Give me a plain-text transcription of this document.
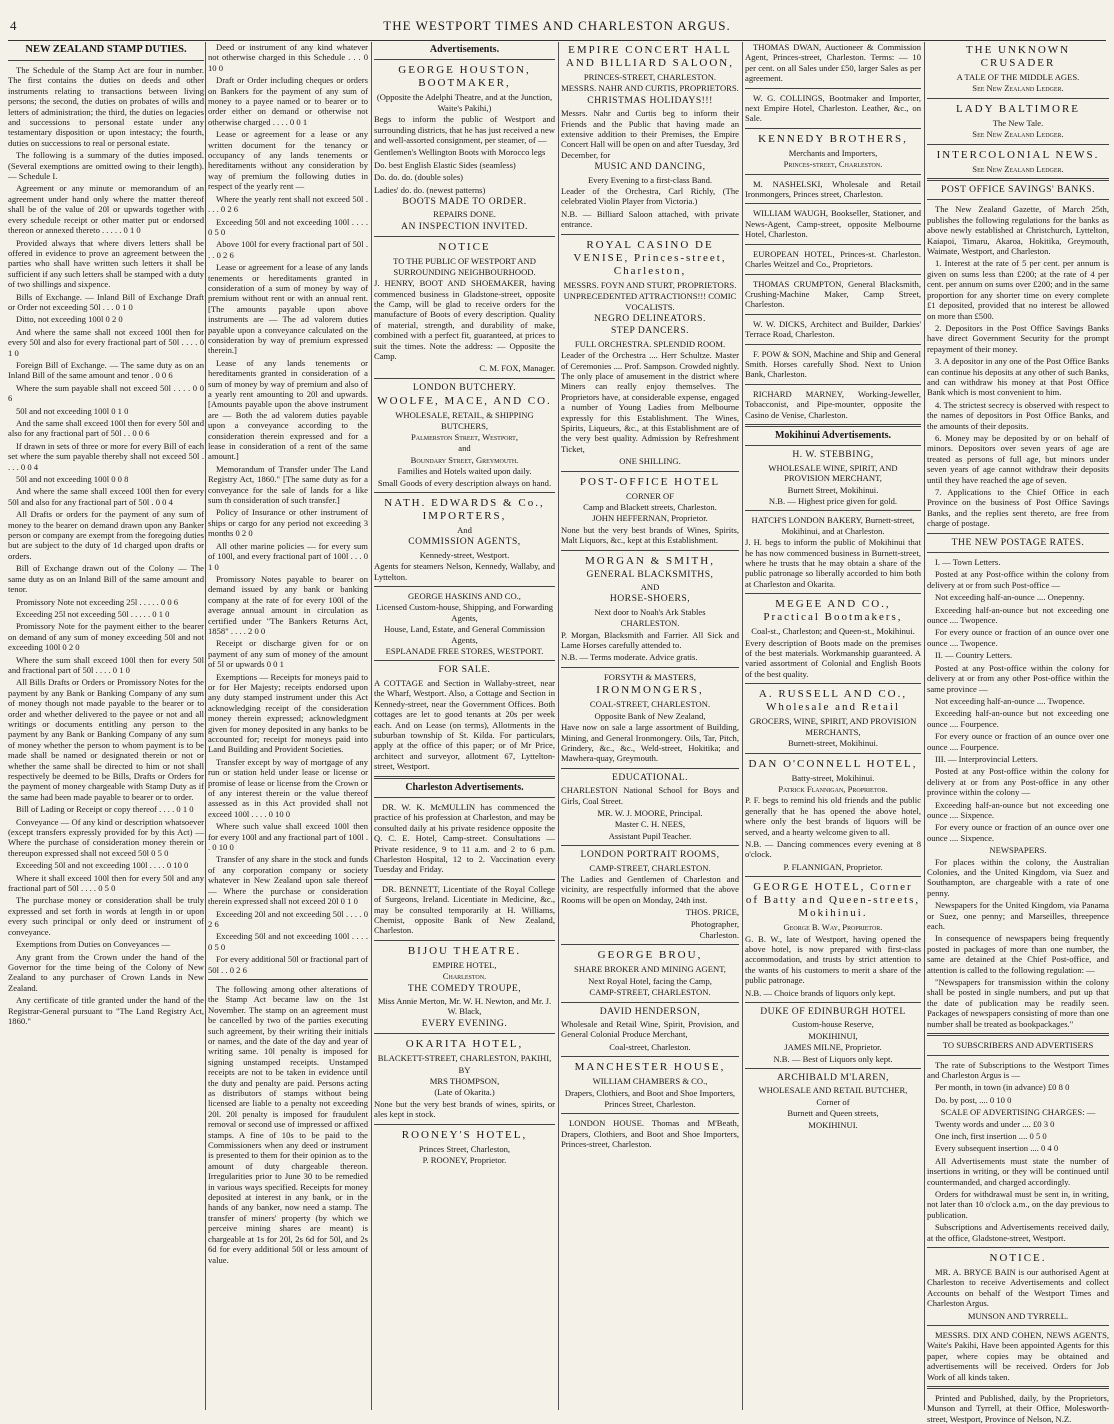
4	THE WESTPORT TIMES AND CHARLESTON ARGUS.
NEW ZEALAND STAMP DUTIES.

The Schedule of the Stamp Act are four in number. The first contains the duties on deeds and other instruments relating to transactions between living persons; the second, the duties on probates of wills and letters of administration; the third, the duties on legacies and successions to personal estate under any testamentary disposition or upon intestacy; the fourth, duties on successions to real or personal estate.

The following is a summary of the duties imposed. (Several exemptions are omitted owing to their length). — Schedule I.

Agreement or any minute or memorandum of an agreement under hand only where the matter thereof shall be of the value of 20l or upwards together with every schedule receipt or other matter put or endorsed thereon or annexed thereto . . . . . 0 1 0

Provided always that where divers letters shall be offered in evidence to prove an agreement between the parties who shall have written such letters it shall be sufficient if any such letters shall be stamped with a duty of two shillings and sixpence.

Bills of Exchange. — Inland Bill of Exchange Draft or Order not exceeding 50l . . . 0 1 0

Ditto, not exceeding 100l 0 2 0

And where the same shall not exceed 100l then for every 50l and also for every fractional part of 50l . . . . 0 1 0

Foreign Bill of Exchange. — The same duty as on an Inland Bill of the same amount and tenor . 0 0 6

Where the sum payable shall not exceed 50l . . . . 0 0 6

50l and not exceeding 100l 0 1 0

And the same shall exceed 100l then for every 50l and also for any fractional part of 50l . . 0 0 6

If drawn in sets of three or more for every Bill of each set where the sum payable thereby shall not exceed 50l . . . . 0 0 4

50l and not exceeding 100l 0 0 8

And where the same shall exceed 100l then for every 50l and also for any fractional part of 50l . 0 0 4

All Drafts or orders for the payment of any sum of money to the bearer on demand drawn upon any Banker person or company are exempt from the foregoing duties but are subject to the duty of 1d charged upon drafts or orders.

Bill of Exchange drawn out of the Colony — The same duty as on an Inland Bill of the same amount and tenor.

Promissory Note not exceeding 25l . . . . . 0 0 6

Exceeding 25l not exceeding 50l . . . . . 0 1 0

Promissory Note for the payment either to the bearer on demand of any sum of money exceeding 50l and not exceeding 100l 0 2 0

Where the sum shall exceed 100l then for every 50l and fractional part of 50l . . . . 0 1 0

All Bills Drafts or Orders or Promissory Notes for the payment by any Bank or Banking Company of any sum of money though not made payable to the bearer or to order and whether delivered to the payee or not and all writings or documents entitling any person to the payment by any Bank or Banking Company of any sum of money whether the person to whom payment is to be made shall be named or designated therein or not or whether the same shall be directed to him or not shall respectively be deemed to be Bills, Drafts or Orders for the payment of money chargeable with Stamp Duty as if the same had been made payable to bearer or to order.

Bill of Lading or Receipt or copy thereof . . . . 0 1 0

Conveyance — Of any kind or description whatsoever (except transfers expressly provided for by this Act) — Where the purchase of consideration money therein or thereupon expressed shall not exceed 50l 0 5 0

Exceeding 50l and not exceeding 100l . . . . 0 10 0

Where it shall exceed 100l then for every 50l and any fractional part of 50l . . . . 0 5 0

The purchase money or consideration shall be truly expressed and set forth in words at length in or upon every such principal or only deed or instrument of conveyance.

Exemptions from Duties on Conveyances —

Any grant from the Crown under the hand of the Governor for the time being of the Colony of New Zealand to any purchaser of Crown Lands in New Zealand.

Any certificate of title granted under the hand of the Registrar-General pursuant to "The Land Registry Act, 1860."

Deed or instrument of any kind whatever not otherwise charged in this Schedule . . . 0 10 0

Draft or Order including cheques or orders on Bankers for the payment of any sum of money to a payee named or to bearer or to order either on demand or otherwise not otherwise charged . . . . 0 0 1

Lease or agreement for a lease or any written document for the tenancy or occupancy of any lands tenements or hereditaments without any consideration by way of premium the following duties in respect of the yearly rent —

Where the yearly rent shall not exceed 50l . . . . 0 2 6

Exceeding 50l and not exceeding 100l . . . . 0 5 0

Above 100l for every fractional part of 50l . . . 0 2 6

Lease or agreement for a lease of any lands tenements or hereditaments granted in consideration of a sum of money by way of premium without rent or with an annual rent. [The amounts payable upon above instruments are — The ad valorem duties payable upon a conveyance calculated on the consideration by way of premium expressed therein.]

Lease of any lands tenements or hereditaments granted in consideration of a sum of money by way of premium and also of a yearly rent amounting to 20l and upwards. [Amounts payable upon the above instrument are — Both the ad valorem duties payable upon a conveyance according to the consideration therein expressed and for a lease in consideration of a rent of the same amount.]

Memorandum of Transfer under The Land Registry Act, 1860." [The same duty as for a conveyance for the sale of lands for a like sum th consideration of such transfer.]

Policy of Insurance or other instrument of ships or cargo for any period not exceeding 3 months 0 2 0

All other marine policies — for every sum of 100l, and every fractional part of 100l . . . 0 1 0

Promissory Notes payable to bearer on demand issued by any bank or banking company at the rate of for every 100l of the average annual amount in circulation as certified under "The Bankers Returns Act, 1858" . . . . 2 0 0

Receipt or discharge given for or on payment of any sum of money of the amount of 5l or upwards 0 0 1

Exemptions — Receipts for moneys paid to or for Her Majesty; receipts endorsed upon any duty stamped instrument under this Act acknowledging receipt of the consideration money therein expressed; acknowledgment given for money deposited in any banks to be accounted for; receipt for moneys paid into Land Building and Provident Societies.

Transfer except by way of mortgage of any run or station held under lease or license or promise of lease or license from the Crown or of any interest therein or the value thereof assessed as in this Act provided shall not exceed 100l . . . . 0 10 0

Where such value shall exceed 100l then for every 100l and any fractional part of 100l . . 0 10 0

Transfer of any share in the stock and funds of any corporation company or society whatever in New Zealand upon sale thereof — Where the purchase or consideration therein expressed shall not exceed 20l 0 1 0

Exceeding 20l and not exceeding 50l . . . . 0 2 6

Exceeding 50l and not exceeding 100l . . . . 0 5 0

For every additional 50l or fractional part of 50l . . 0 2 6

The following among other alterations of the Stamp Act became law on the 1st November. The stamp on an agreement must be cancelled by two of the parties executing such agreement, by their writing their initials or names, and the date of the day and year of writing same. 10l penalty is imposed for signing unstamped receipts. Unstamped receipts are not to be taken in evidence until the duty and penalty are paid. Persons acting as distributors of stamps without being licensed are liable to a penalty not exceeding 20l. 20l penalty is imposed for fraudulent removal or second use of impressed or affixed stamps. A fine of 10s to be paid to the Commissioners when any deed or instrument is presented to them for their opinion as to the amount of duty chargeable thereon. Irregularities prior to June 30 to be remedied in various ways specified. Receipts for money deposited at interest in any bank, or in the hands of any banker, now need a stamp. The transfer of miners' property (by which we perceive mining shares are meant) is chargeable at 1s for 20l, 2s 6d for 50l, and 2s 6d for every additional 50l or less amount of value.

Advertisements.
GEORGE HOUSTON, BOOTMAKER,
(Opposite the Adelphi Theatre, and at the Junction, Waite's Pakihi,)

Begs to inform the public of Westport and surrounding districts, that he has just received a new and well-assorted consignment, per steamer, of —

Gentlemen's Wellington Boots with Morocco legs

Do. best English Elastic Sides (seamless)

Do. do. do. (double soles)

Ladies' do. do. (newest patterns)

BOOTS MADE TO ORDER.
REPAIRS DONE.
AN INSPECTION INVITED.
NOTICE
TO THE PUBLIC OF WESTPORT AND SURROUNDING NEIGHBOURHOOD.

J. HENRY, BOOT AND SHOEMAKER, having commenced business in Gladstone-street, opposite the Camp, will be glad to receive orders for the manufacture of Boots of every description. Quality of material, strength, and durability of make, combined with a perfect fit, guaranteed, at prices to suit the times. Note the address: — Opposite the Camp.

C. M. FOX, Manager.
LONDON BUTCHERY.
WOOLFE, MACE, AND CO.
WHOLESALE, RETAIL, & SHIPPING BUTCHERS,
Palmerston Street, Westport,
and
Boundary Street, Greymouth.
Families and Hotels waited upon daily.
Small Goods of every description always on hand.
NATH. EDWARDS & Co., IMPORTERS,
And
COMMISSION AGENTS,
Kennedy-street, Westport.

Agents for steamers Nelson, Kennedy, Wallaby, and Lyttelton.

GEORGE HASKINS AND CO.,
Licensed Custom-house, Shipping, and Forwarding Agents,
House, Land, Estate, and General Commission Agents,
ESPLANADE FREE STORES, WESTPORT.
FOR SALE.

A COTTAGE and Section in Wallaby-street, near the Wharf, Westport. Also, a Cottage and Section in Kennedy-street, near the Government Offices. Both cottages are let to good tenants at 20s per week each. And on Lease (on terms), Allotments in the suburban township of St. Kilda. For particulars, apply at the office of this paper; or of Mr Price, architect and surveyor, allotment 67, Lyttelton-street, Westport.

Charleston Advertisements.

DR. W. K. McMULLIN has commenced the practice of his profession at Charleston, and may be consulted daily at his private residence opposite the Q. C. E. Hotel, Camp-street. Consultations — Private residence, 9 to 11 a.m. and 2 to 6 p.m. Charleston Hospital, 12 to 2. Vaccination every Tuesday and Friday.

DR. BENNETT, Licentiate of the Royal College of Surgeons, Ireland. Licentiate in Medicine, &c., may be consulted temporarily at H. Williams, Chemist, opposite Bank of New Zealand, Charleston.

BIJOU THEATRE.
EMPIRE HOTEL,
Charleston.
THE COMEDY TROUPE,
Miss Annie Merton, Mr. W. H. Newton, and Mr. J. W. Black,
EVERY EVENING.
OKARITA HOTEL,
BLACKETT-STREET, CHARLESTON, PAKIHI,
BY
MRS THOMPSON,
(Late of Okarita.)

None but the very best brands of wines, spirits, or ales kept in stock.

ROONEY'S HOTEL,
Princes Street, Charleston,
P. ROONEY, Proprietor.
EMPIRE CONCERT HALL AND BILLIARD SALOON,
PRINCES-STREET, CHARLESTON.
MESSRS. NAHR AND CURTIS, PROPRIETORS.
CHRISTMAS HOLIDAYS!!!

Messrs. Nahr and Curtis beg to inform their Friends and the Public that having made an extensive addition to their Premises, the Empire Concert Hall will be open on and after Tuesday, 3rd December, for

MUSIC AND DANCING,
Every Evening to a first-class Band.

Leader of the Orchestra, Carl Richly, (The celebrated Violin Player from Victoria.)

N.B. — Billiard Saloon attached, with private entrance.

ROYAL CASINO DE VENISE, Princes-street, Charleston,
MESSRS. FOYN AND STURT, PROPRIETORS.
UNPRECEDENTED ATTRACTIONS!!! COMIC VOCALISTS.
NEGRO DELINEATORS.
STEP DANCERS.
FULL ORCHESTRA. SPLENDID ROOM.

Leader of the Orchestra .... Herr Schultze. Master of Ceremonies .... Prof. Sampson. Crowded nightly. The only place of amusement in the district where Miners can really enjoy themselves. The Proprietors have, at considerable expense, engaged a number of Young Ladies from Melbourne expressly for this Establishment. The Wines, Spirits, Liqueurs, &c., at this Establishment are of the very best quality. Admission by Refreshment Ticket,

ONE SHILLING.
POST-OFFICE HOTEL
CORNER OF
Camp and Blackett streets, Charleston.
JOHN HEFFERNAN, Proprietor.

None but the very best brands of Wines, Spirits, Malt Liquors, &c., kept at this Establishment.

MORGAN & SMITH,
GENERAL BLACKSMITHS,
AND
HORSE-SHOERS,
Next door to Noah's Ark Stables
CHARLESTON.

P. Morgan, Blacksmith and Farrier. All Sick and Lame Horses carefully attended to.

N.B. — Terms moderate. Advice gratis.

FORSYTH & MASTERS,
IRONMONGERS,
COAL-STREET, CHARLESTON.
Opposite Bank of New Zealand,

Have now on sale a large assortment of Building, Mining, and General Ironmongery. Oils, Tar, Pitch, Grindery, &c., &c., Weld-street, Hokitika; and Mawhera-quay, Greymouth.

EDUCATIONAL.

CHARLESTON National School for Boys and Girls, Coal Street.

MR. W. J. MOORE, Principal.
Master C. H. NEES,
Assistant Pupil Teacher.
LONDON PORTRAIT ROOMS,
CAMP-STREET, CHARLESTON.

The Ladies and Gentlemen of Charleston and vicinity, are respectfully informed that the above Rooms will be open on Monday, 24th inst.

THOS. PRICE,
Photographer,
Charleston.
GEORGE BROU,
SHARE BROKER AND MINING AGENT,
Next Royal Hotel, facing the Camp,
CAMP-STREET, CHARLESTON.
DAVID HENDERSON,

Wholesale and Retail Wine, Spirit, Provision, and General Colonial Produce Merchant,

Coal-street, Charleston.
MANCHESTER HOUSE,
WILLIAM CHAMBERS & CO.,
Drapers, Clothiers, and Boot and Shoe Importers,
Princes Street, Charleston.

LONDON HOUSE. Thomas and M'Beath, Drapers, Clothiers, and Boot and Shoe Importers, Princes-street, Charleston.

THOMAS DWAN, Auctioneer & Commission Agent, Princes-street, Charleston. Terms: — 10 per cent. on all Sales under £50, larger Sales as per agreement.

W. G. COLLINGS, Bootmaker and Importer, next Empire Hotel, Charleston. Leather, &c., on Sale.

KENNEDY BROTHERS,
Merchants and Importers,
Princes-street, Charleston.

M. NASHELSKI, Wholesale and Retail Ironmongers, Princes street, Charleston.

WILLIAM WAUGH, Bookseller, Stationer, and News-Agent, Camp-street, opposite Melbourne Hotel, Charleston.

EUROPEAN HOTEL, Princes-st. Charleston. Charles Weitzel and Co., Proprietors.

THOMAS CRUMPTON, General Blacksmith, Crushing-Machine Maker, Camp Street, Charleston.

W. W. DICKS, Architect and Builder, Darkies' Terrace Road, Charleston.

F. POW & SON, Machine and Ship and General Smith. Horses carefully Shod. Next to Union Bank, Charleston.

RICHARD MARNEY, Working-Jeweller, Tobacconist, and Pipe-mounter, opposite the Casino de Venise, Charleston.

Mokihinui Advertisements.
H. W. STEBBING,
WHOLESALE WINE, SPIRIT, AND PROVISION MERCHANT,
Burnett Street, Mokihinui.
N.B. — Highest price given for gold.
HATCH'S LONDON BAKERY, Burnett-street, Mokihinui, and at Charleston.

J. H. begs to inform the public of Mokihinui that he has now commenced business in Burnett-street, where he trusts that he may obtain a share of the public patronage so liberally accorded to him both at Charleston and Okarita.

MEGEE AND CO., Practical Bootmakers,
Coal-st., Charleston; and Queen-st., Mokihinui.

Every description of Boots made on the premises of the best materials. Workmanship guaranteed. A varied assortment of Colonial and English Boots of the best quality.

A. RUSSELL AND CO., Wholesale and Retail
GROCERS, WINE, SPIRIT, AND PROVISION MERCHANTS,
Burnett-street, Mokihinui.
DAN O'CONNELL HOTEL,
Batty-street, Mokihinui.
Patrick Flannigan, Proprietor.

P. F. begs to remind his old friends and the public generally that he has opened the above hotel, where only the best brands of liquors will be served, and a hearty welcome given to all.

N.B. — Dancing commences every evening at 8 o'clock.

P. FLANNIGAN, Proprietor.
GEORGE HOTEL, Corner of Batty and Queen-streets, Mokihinui.
George B. Way, Proprietor.

G. B. W., late of Westport, having opened the above hotel, is now prepared with first-class accommodation, and trusts by strict attention to the wants of his customers to merit a share of the public patronage.

N.B. — Choice brands of liquors only kept.

DUKE OF EDINBURGH HOTEL
Custom-house Reserve,
MOKIHINUI,
JAMES MILNE, Proprietor.
N.B. — Best of Liquors only kept.
ARCHIBALD M'LAREN,
WHOLESALE AND RETAIL BUTCHER,
Corner of
Burnett and Queen streets,
MOKIHINUI.
THE UNKNOWN CRUSADER
A TALE OF THE MIDDLE AGES.
See New Zealand Ledger.
LADY BALTIMORE
The New Tale.
See New Zealand Ledger.
INTERCOLONIAL NEWS.
See New Zealand Ledger.
POST OFFICE SAVINGS' BANKS.

The New Zealand Gazette, of March 25th, publishes the following regulations for the banks as above newly established at Christchurch, Lyttelton, Kaiapoi, Timaru, Akaroa, Hokitika, Greymouth, Waimate, Westport, and Charleston.

1. Interest at the rate of 5 per cent. per annum is given on sums less than £200; at the rate of 4 per cent. per annum on sums over £200; and in the same proportion for any shorter time on every complete £1 deposited, provided that no interest be allowed on more than £500.

2. Depositors in the Post Office Savings Banks have direct Government Security for the prompt repayment of their money.

3. A depositor in any one of the Post Office Banks can continue his deposits at any other of such Banks, and can withdraw his money at that Post Office Bank which is most convenient to him.

4. The strictest secrecy is observed with respect to the names of depositors in Post Office Banks, and the amounts of their deposits.

6. Money may be deposited by or on behalf of minors. Depositors over seven years of age are treated as persons of full age, but minors under seven years of age cannot withdraw their deposits until they have reached the age of seven.

7. Applications to the Chief Office in each Province on the business of Post Office Savings Banks, and the replies sent thereto, are free from charge of postage.

THE NEW POSTAGE RATES.

I. — Town Letters.

Posted at any Post-office within the colony from delivery at or from such Post-office —

Not exceeding half-an-ounce .... Onepenny.

Exceeding half-an-ounce but not exceeding one ounce .... Twopence.

For every ounce or fraction of an ounce over one ounce .... Twopence.

II. — Country Letters.

Posted at any Post-office within the colony for delivery at or from any other Post-office within the same province —

Not exceeding half-an-ounce .... Twopence.

Exceeding half-an-ounce but not exceeding one ounce .... Fourpence.

For every ounce or fraction of an ounce over one ounce .... Fourpence.

III. — Interprovincial Letters.

Posted at any Post-office within the colony for delivery at or from any Post-office in any other province within the colony —

Exceeding half-an-ounce but not exceeding one ounce .... Sixpence.

For every ounce or fraction of an ounce over one ounce .... Sixpence.

NEWSPAPERS.

For places within the colony, the Australian Colonies, and the United Kingdom, via Suez and Southampton, are chargeable with a rate of one penny.

Newspapers for the United Kingdom, via Panama or Suez, one penny; and Marseilles, threepence each.

In consequence of newspapers being frequently posted in packages of more than one number, the same are detained at the Chief Post-office, and attention is called to the following regulation: —

"Newspapers for transmission within the colony shall be posted in single numbers, and put up that the date of publication may be readily seen. Packages of newspapers consisting of more than one number shall be treated as bookpackages."

TO SUBSCRIBERS AND ADVERTISERS

The rate of Subscriptions to the Westport Times and Charleston Argus is —

Per month, in town (in advance) £0 8 0

Do. by post, .... 0 10 0

SCALE OF ADVERTISING CHARGES: —

Twenty words and under .... £0 3 0

One inch, first insertion .... 0 5 0

Every subsequent insertion .... 0 4 0

All Advertisements must state the number of insertions in writing, or they will be continued until countermanded, and charged accordingly.

Orders for withdrawal must be sent in, in writing, not later than 10 o'clock a.m., on the day previous to publication.

Subscriptions and Advertisements received daily, at the office, Gladstone-street, Westport.

NOTICE.

MR. A. BRYCE BAIN is our authorised Agent at Charleston to receive Advertisements and collect Accounts on behalf of the Westport Times and Charleston Argus.

MUNSON AND TYRRELL.

MESSRS. DIX AND COHEN, NEWS AGENTS, Waite's Pakihi, Have been appointed Agents for this paper, where copies may be obtained and advertisements will be received. Orders for Job Work of all kinds taken.

Printed and Published, daily, by the Proprietors, Munson and Tyrrell, at their Office, Molesworth-street, Westport, Province of Nelson, N.Z.
